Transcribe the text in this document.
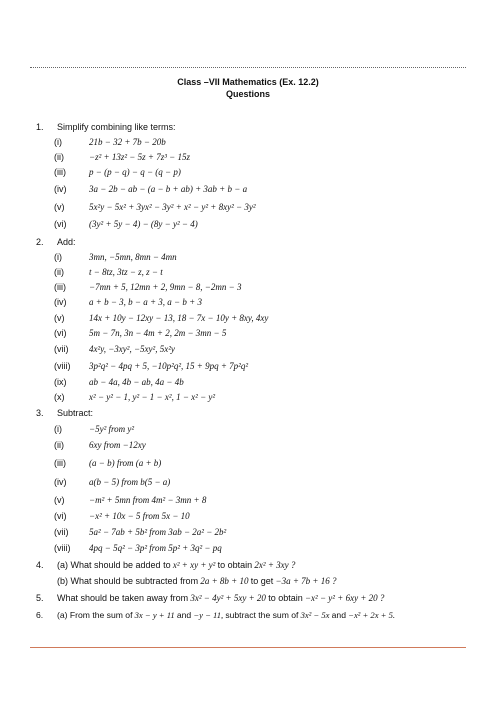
Class –VII Mathematics (Ex. 12.2)
Questions
1. Simplify combining like terms:
(i)	21b − 32 + 7b − 20b
(ii)	−z² + 13z² − 5z + 7z³ − 15z
(iii)	p − (p − q) − q − (q − p)
(iv)	3a − 2b − ab − (a − b + ab) + 3ab + b − a
(v)	5x²y − 5x² + 3yx² − 3y² + x² − y² + 8xy² − 3y²
(vi)	(3y² + 5y − 4) − (8y − y² − 4)
2. Add:
(i)	3mn, −5mn, 8mn − 4mn
(ii)	t − 8tz, 3tz − z, z − t
(iii)	−7mn + 5, 12mn + 2, 9mn − 8, −2mn − 3
(iv)	a + b − 3, b − a + 3, a − b + 3
(v)	14x + 10y − 12xy − 13, 18 − 7x − 10y + 8xy, 4xy
(vi)	5m − 7n, 3n − 4m + 2, 2m − 3mn − 5
(vii) 4x²y, −3xy², −5xy², 5x²y
(viii) 3p²q² − 4pq + 5, −10p²q², 15 + 9pq + 7p²q²
(ix)	ab − 4a, 4b − ab, 4a − 4b
(x)	x² − y² − 1, y² − 1 − x², 1 − x² − y²
3. Subtract:
(i)	−5y² from y²
(ii)	6xy from −12xy
(iii)	(a − b) from (a + b)
(iv)	a(b − 5) from b(5 − a)
(v)	−m² + 5mn from 4m² − 3mn + 8
(vi)	−x² + 10x − 5 from 5x − 10
(vii) 5a² − 7ab + 5b² from 3ab − 2a² − 2b²
(viii) 4pq − 5q² − 3p² from 5p² + 3q² − pq
4. (a) What should be added to x² + xy + y² to obtain 2x² + 3xy ?
(b) What should be subtracted from 2a + 8b + 10 to get −3a + 7b + 16 ?
5. What should be taken away from 3x² − 4y² + 5xy + 20 to obtain −x² − y² + 6xy + 20 ?
6. (a) From the sum of 3x − y + 11 and −y − 11, subtract the sum of 3x² − 5x and −x² + 2x + 5.
